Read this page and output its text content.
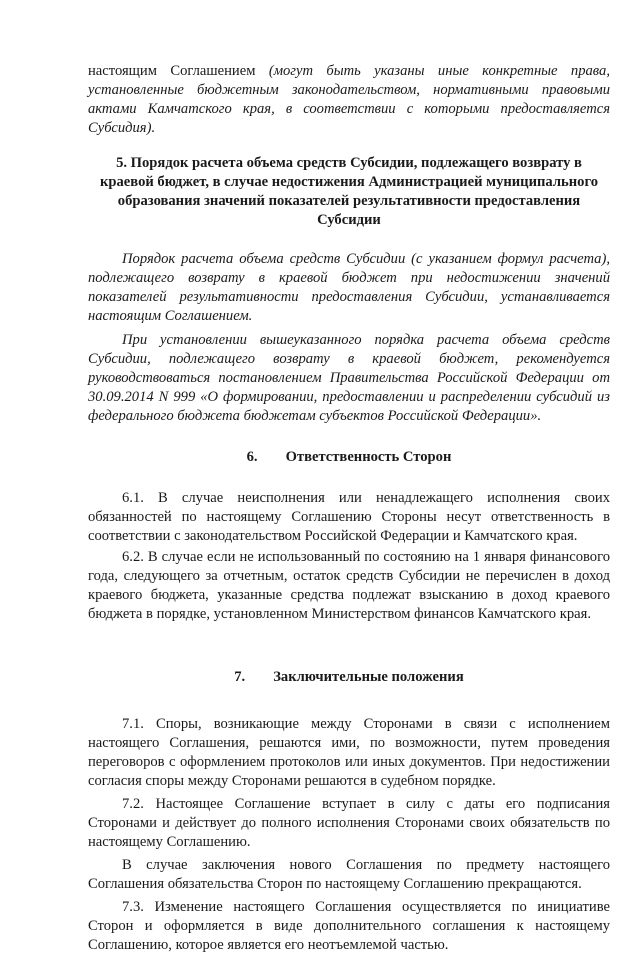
настоящим Соглашением (могут быть указаны иные конкретные права, установленные бюджетным законодательством, нормативными правовыми актами Камчатского края, в соответствии с которыми предоставляется Субсидия).

5. Порядок расчета объема средств Субсидии, подлежащего возврату в краевой бюджет, в случае недостижения Администрацией муниципального образования значений показателей результативности предоставления Субсидии

Порядок расчета объема средств Субсидии (с указанием формул расчета), подлежащего возврату в краевой бюджет при недостижении значений показателей результативности предоставления Субсидии, устанавливается настоящим Соглашением.

При установлении вышеуказанного порядка расчета объема средств Субсидии, подлежащего возврату в краевой бюджет, рекомендуется руководствоваться постановлением Правительства Российской Федерации от 30.09.2014 N 999 «О формировании, предоставлении и распределении субсидий из федерального бюджета бюджетам субъектов Российской Федерации».

6. Ответственность Сторон

6.1. В случае неисполнения или ненадлежащего исполнения своих обязанностей по настоящему Соглашению Стороны несут ответственность в соответствии с законодательством Российской Федерации и Камчатского края.

6.2. В случае если не использованный по состоянию на 1 января финансового года, следующего за отчетным, остаток средств Субсидии не перечислен в доход краевого бюджета, указанные средства подлежат взысканию в доход краевого бюджета в порядке, установленном Министерством финансов Камчатского края.

7. Заключительные положения

7.1. Споры, возникающие между Сторонами в связи с исполнением настоящего Соглашения, решаются ими, по возможности, путем проведения переговоров с оформлением протоколов или иных документов. При недостижении согласия споры между Сторонами решаются в судебном порядке.

7.2. Настоящее Соглашение вступает в силу с даты его подписания Сторонами и действует до полного исполнения Сторонами своих обязательств по настоящему Соглашению.

В случае заключения нового Соглашения по предмету настоящего Соглашения обязательства Сторон по настоящему Соглашению прекращаются.

7.3. Изменение настоящего Соглашения осуществляется по инициативе Сторон и оформляется в виде дополнительного соглашения к настоящему Соглашению, которое является его неотъемлемой частью.
